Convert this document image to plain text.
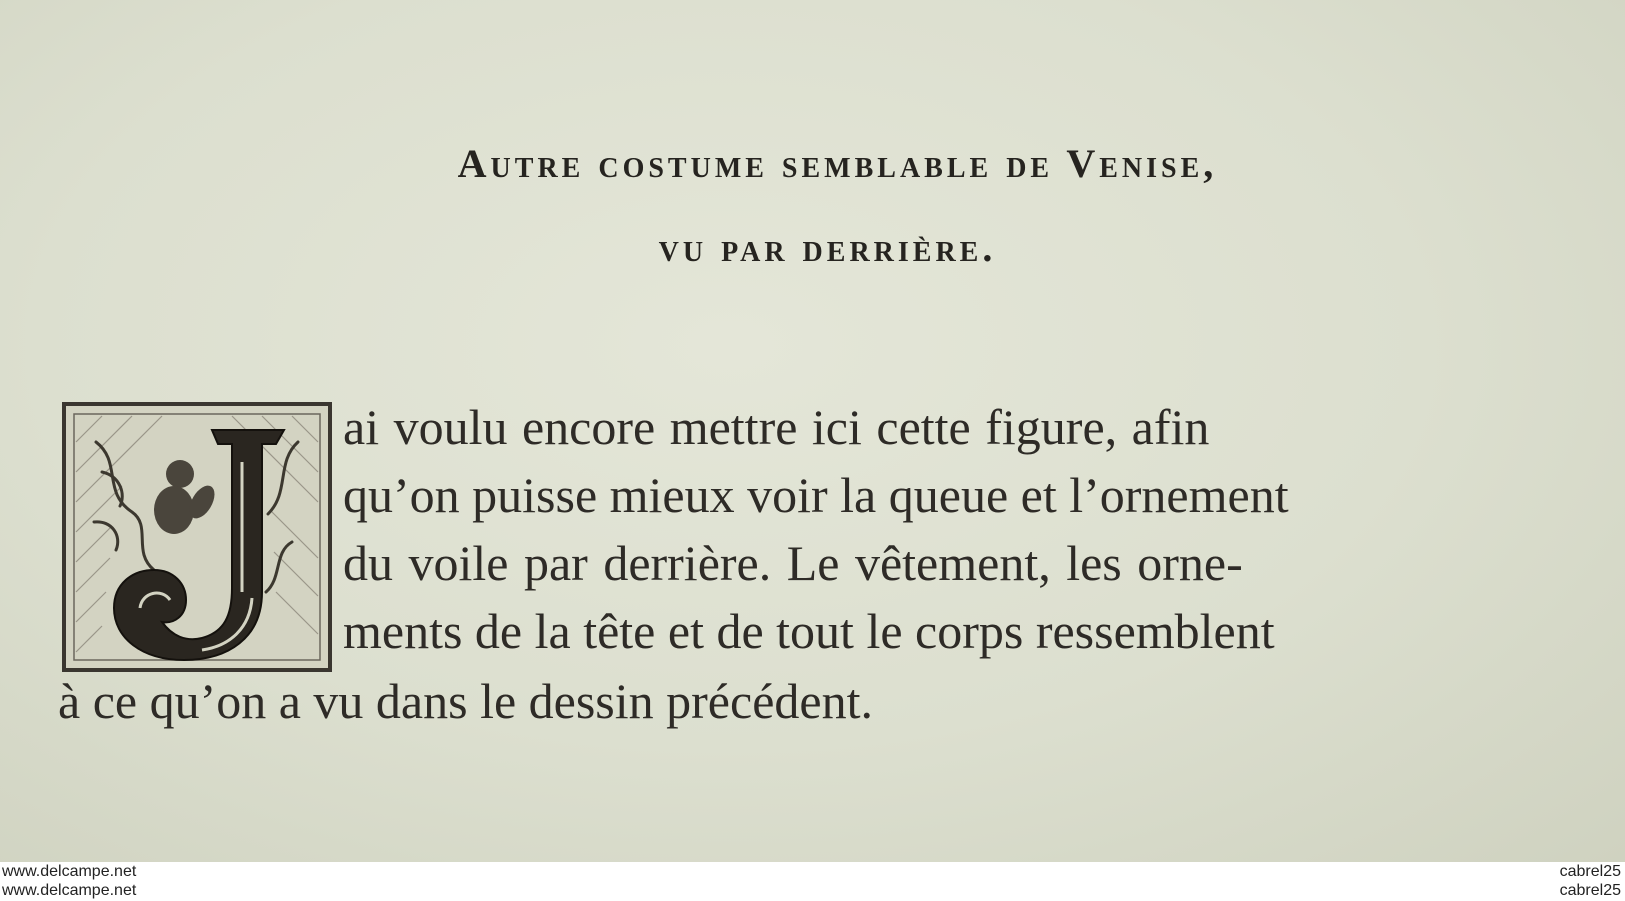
Autre costume semblable de Venise,
vu par derrière.

ai voulu encore mettre ici cette figure, afin

qu’on puisse mieux voir la queue et l’ornement

du voile par derrière. Le vêtement, les orne-

ments de la tête et de tout le corps ressemblent

à ce qu’on a vu dans le dessin précédent.

www.delcampe.net

www.delcampe.net

cabrel25

cabrel25
